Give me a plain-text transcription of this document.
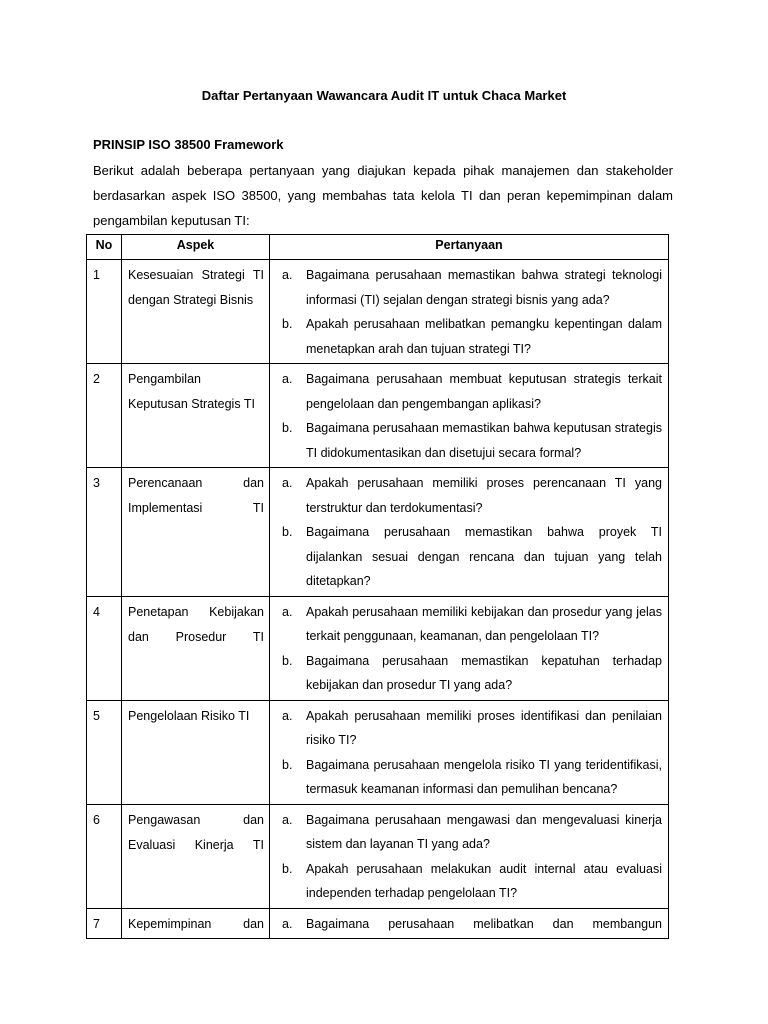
Daftar Pertanyaan Wawancara Audit IT untuk Chaca Market
PRINSIP ISO 38500 Framework

Berikut adalah beberapa pertanyaan yang diajukan kepada pihak manajemen dan stakeholder berdasarkan aspek ISO 38500, yang membahas tata kelola TI dan peran kepemimpinan dalam pengambilan keputusan TI:

No	Aspek	Pertanyaan
1	Kesesuaian Strategi TI dengan Strategi Bisnis	a. Bagaimana perusahaan memastikan bahwa strategi teknologi informasi (TI) sejalan dengan strategi bisnis yang ada?
b. Apakah perusahaan melibatkan pemangku kepentingan dalam menetapkan arah dan tujuan strategi TI?

2	Pengambilan Keputusan Strategis TI	a. Bagaimana perusahaan membuat keputusan strategis terkait pengelolaan dan pengembangan aplikasi?
b. Bagaimana perusahaan memastikan bahwa keputusan strategis TI didokumentasikan dan disetujui secara formal?

3	Perencanaan dan Implementasi TI	a. Apakah perusahaan memiliki proses perencanaan TI yang terstruktur dan terdokumentasi?
b. Bagaimana perusahaan memastikan bahwa proyek TI dijalankan sesuai dengan rencana dan tujuan yang telah ditetapkan?

4	Penetapan Kebijakan dan Prosedur TI	a. Apakah perusahaan memiliki kebijakan dan prosedur yang jelas terkait penggunaan, keamanan, dan pengelolaan TI?
b. Bagaimana perusahaan memastikan kepatuhan terhadap kebijakan dan prosedur TI yang ada?

5	Pengelolaan Risiko TI	a. Apakah perusahaan memiliki proses identifikasi dan penilaian risiko TI?
b. Bagaimana perusahaan mengelola risiko TI yang teridentifikasi, termasuk keamanan informasi dan pemulihan bencana?

6	Pengawasan dan Evaluasi Kinerja TI	a. Bagaimana perusahaan mengawasi dan mengevaluasi kinerja sistem dan layanan TI yang ada?
b. Apakah perusahaan melakukan audit internal atau evaluasi independen terhadap pengelolaan TI?

7	Kepemimpinan dan	a. Bagaimana perusahaan melibatkan dan membangun
